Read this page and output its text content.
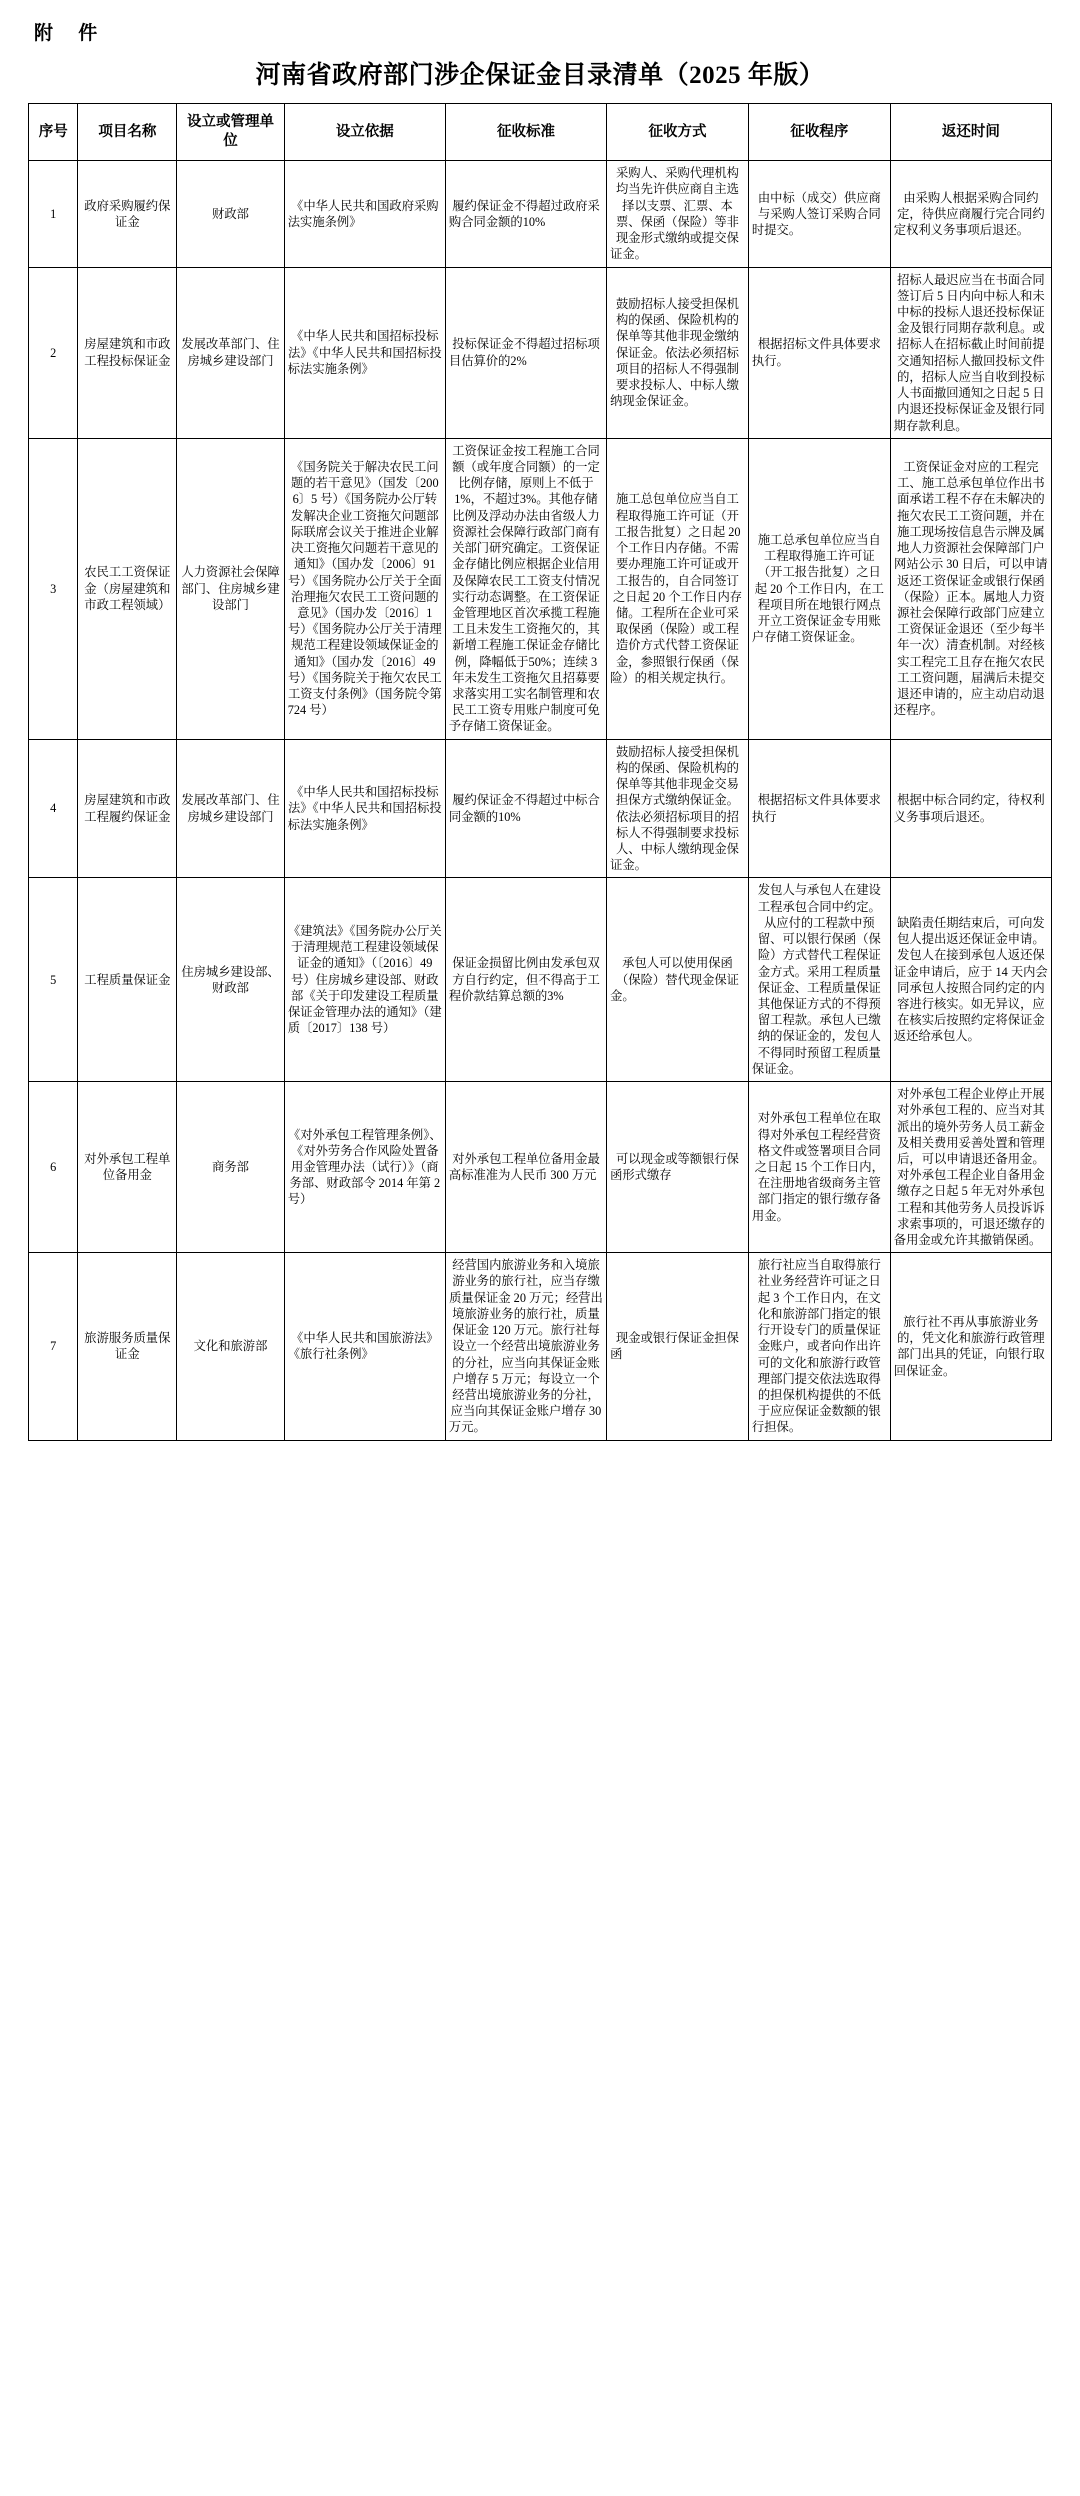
附 件
河南省政府部门涉企保证金目录清单（2025 年版）
序号	项目名称	设立或管理单位	设立依据	征收标准	征收方式	征收程序	返还时间
1	政府采购履约保证金	财政部	《中华人民共和国政府采购法实施条例》	履约保证金不得超过政府采购合同金额的10%	采购人、采购代理机构均当先许供应商自主选择以支票、汇票、本票、保函（保险）等非现金形式缴纳或提交保证金。	由中标（成交）供应商与采购人签订采购合同时提交。	由采购人根据采购合同约定，待供应商履行完合同约定权利义务事项后退还。
2	房屋建筑和市政工程投标保证金	发展改革部门、住房城乡建设部门	《中华人民共和国招标投标法》《中华人民共和国招标投标法实施条例》	投标保证金不得超过招标项目估算价的2%	鼓励招标人接受担保机构的保函、保险机构的保单等其他非现金缴纳保证金。依法必须招标项目的招标人不得强制要求投标人、中标人缴纳现金保证金。	根据招标文件具体要求执行。	招标人最迟应当在书面合同签订后 5 日内向中标人和未中标的投标人退还投标保证金及银行同期存款利息。或招标人在招标截止时间前提交通知招标人撤回投标文件的，招标人应当自收到投标人书面撤回通知之日起 5 日内退还投标保证金及银行同期存款利息。
3	农民工工资保证金（房屋建筑和市政工程领域）	人力资源社会保障部门、住房城乡建设部门	《国务院关于解决农民工问题的若干意见》（国发〔2006〕5 号）《国务院办公厅转发解决企业工资拖欠问题部际联席会议关于推进企业解决工资拖欠问题若干意见的通知》（国办发〔2006〕91 号）《国务院办公厅关于全面治理拖欠农民工工资问题的意见》（国办发〔2016〕1 号）《国务院办公厅关于清理规范工程建设领域保证金的通知》（国办发〔2016〕49 号）《国务院关于拖欠农民工工资支付条例》（国务院令第 724 号）	工资保证金按工程施工合同额（或年度合同额）的一定比例存储，原则上不低于1%，不超过3%。其他存储比例及浮动办法由省级人力资源社会保障行政部门商有关部门研究确定。工资保证金存储比例应根据企业信用及保障农民工工资支付情况实行动态调整。在工资保证金管理地区首次承揽工程施工且未发生工资拖欠的，其新增工程施工保证金存储比例，降幅低于50%；连续 3 年未发生工资拖欠且招募要求落实用工实名制管理和农民工工资专用账户制度可免予存储工资保证金。	施工总包单位应当自工程取得施工许可证（开工报告批复）之日起 20 个工作日内存储。不需要办理施工许可证或开工报告的，自合同签订之日起 20 个工作日内存储。工程所在企业可采取保函（保险）或工程造价方式代替工资保证金，参照银行保函（保险）的相关规定执行。	施工总承包单位应当自工程取得施工许可证（开工报告批复）之日起 20 个工作日内，在工程项目所在地银行网点开立工资保证金专用账户存储工资保证金。	工资保证金对应的工程完工、施工总承包单位作出书面承诺工程不存在未解决的拖欠农民工工资问题，并在施工现场按信息告示牌及属地人力资源社会保障部门户网站公示 30 日后，可以申请返还工资保证金或银行保函（保险）正本。属地人力资源社会保障行政部门应建立工资保证金退还（至少每半年一次）清查机制。对经核实工程完工且存在拖欠农民工工资问题，届满后未提交退还申请的，应主动启动退还程序。
4	房屋建筑和市政工程履约保证金	发展改革部门、住房城乡建设部门	《中华人民共和国招标投标法》《中华人民共和国招标投标法实施条例》	履约保证金不得超过中标合同金额的10%	鼓励招标人接受担保机构的保函、保险机构的保单等其他非现金交易担保方式缴纳保证金。依法必须招标项目的招标人不得强制要求投标人、中标人缴纳现金保证金。	根据招标文件具体要求执行	根据中标合同约定，待权利义务事项后退还。
5	工程质量保证金	住房城乡建设部、财政部	《建筑法》《国务院办公厅关于清理规范工程建设领域保证金的通知》（〔2016〕49 号）住房城乡建设部、财政部《关于印发建设工程质量保证金管理办法的通知》（建质〔2017〕138 号）	保证金损留比例由发承包双方自行约定，但不得高于工程价款结算总额的3%	承包人可以使用保函（保险）替代现金保证金。	发包人与承包人在建设工程承包合同中约定。从应付的工程款中预留、可以银行保函（保险）方式替代工程保证金方式。采用工程质量保证金、工程质量保证其他保证方式的不得预留工程款。承包人已缴纳的保证金的，发包人不得同时预留工程质量保证金。	缺陷责任期结束后，可向发包人提出返还保证金申请。发包人在接到承包人返还保证金申请后，应于 14 天内会同承包人按照合同约定的内容进行核实。如无异议，应在核实后按照约定将保证金返还给承包人。
6	对外承包工程单位备用金	商务部	《对外承包工程管理条例》、《对外劳务合作风险处置备用金管理办法（试行）》（商务部、财政部令 2014 年第 2 号）	对外承包工程单位备用金最高标准准为人民币 300 万元	可以现金或等额银行保函形式缴存	对外承包工程单位在取得对外承包工程经营资格文件或签署项目合同之日起 15 个工作日内，在注册地省级商务主管部门指定的银行缴存备用金。	对外承包工程企业停止开展对外承包工程的、应当对其派出的境外劳务人员工薪金及相关费用妥善处置和管理后，可以申请退还备用金。对外承包工程企业自备用金缴存之日起 5 年无对外承包工程和其他劳务人员投诉诉求索事项的，可退还缴存的备用金或允许其撤销保函。
7	旅游服务质量保证金	文化和旅游部	《中华人民共和国旅游法》《旅行社条例》	经营国内旅游业务和入境旅游业务的旅行社，应当存缴质量保证金 20 万元；经营出境旅游业务的旅行社，质量保证金 120 万元。旅行社每设立一个经营出境旅游业务的分社，应当向其保证金账户增存 5 万元；每设立一个经营出境旅游业务的分社，应当向其保证金账户增存 30 万元。	现金或银行保证金担保函	旅行社应当自取得旅行社业务经营许可证之日起 3 个工作日内，在文化和旅游部门指定的银行开设专门的质量保证金账户，或者向作出许可的文化和旅游行政管理部门提交依法选取得的担保机构提供的不低于应应保证金数额的银行担保。	旅行社不再从事旅游业务的，凭文化和旅游行政管理部门出具的凭证，向银行取回保证金。
